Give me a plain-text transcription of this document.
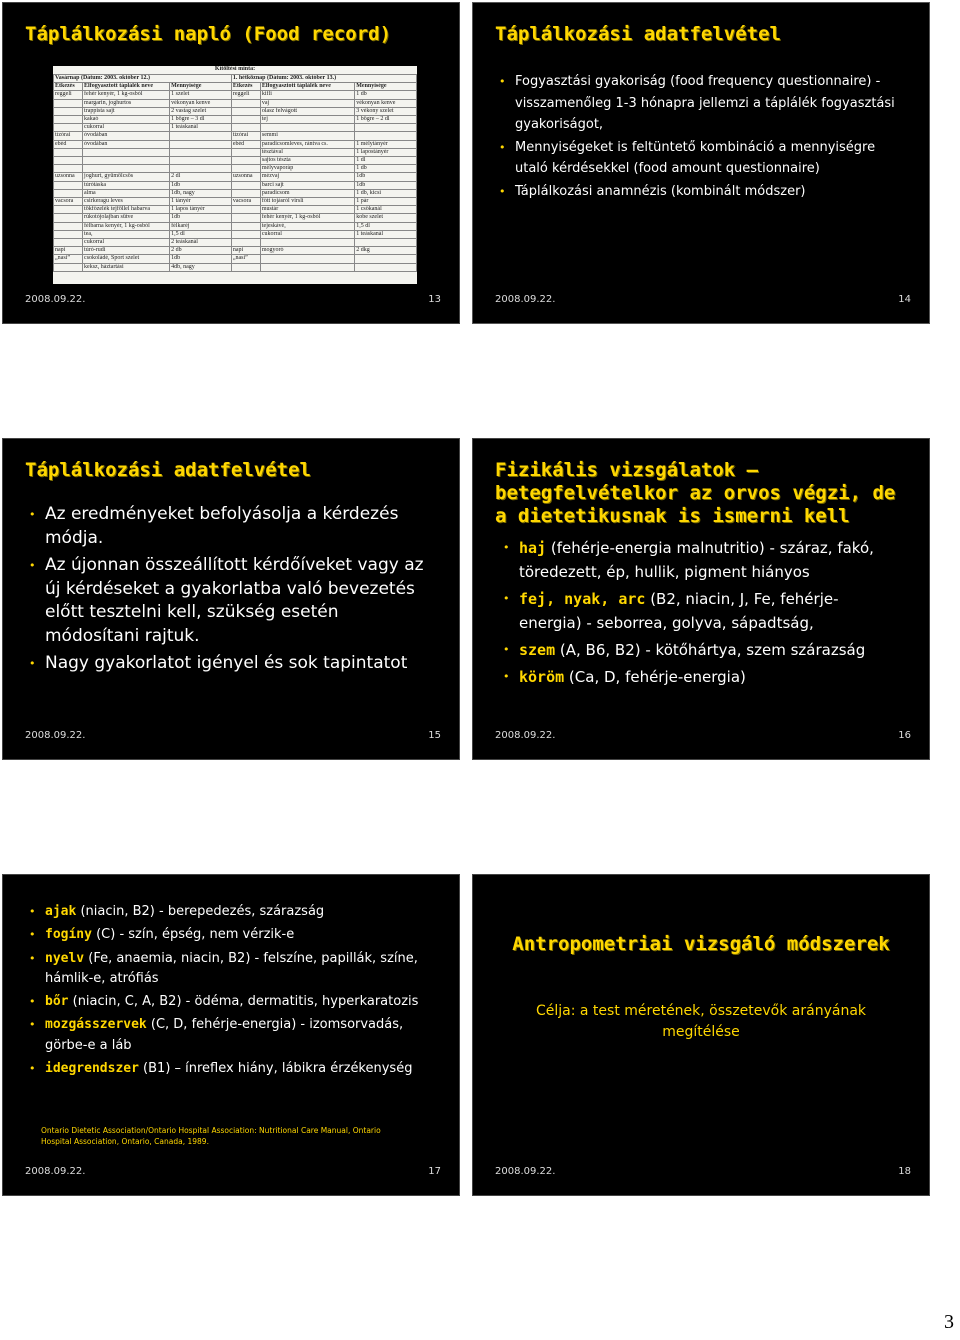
Táplálkozási napló (Food record)
Kitöltési minta:
Vasárnap (Dátum: 2003. október 12.)			1. hétköznap (Dátum: 2003. október 13.)		
Étkezés	Elfogyasztott táplálék neve	Mennyisége	Étkezés	Elfogyasztott táplálék neve	Mennyisége
reggeli	fehér kenyér, 1 kg-osból	1 szelet	reggeli	kifli	1 db
	margarin, joghurtos	vékonyan kenve		vaj	vékonyan kenve
	trappista sajt	2 vastag szelet		olasz felvágott	3 vékony szelet
	kakaó	1 bögre – 3 dl		tej	1 bögre – 2 dl
	cukorral	1 teáskanál			
tízórai	óvodában		tízórai	semmi	
ebéd	óvodában		ebéd	paradicsomleves, rántva cs.	1 mélytányér
				tésztával	1 lapostányér
				sajtos tészta	1 dl
				mélyvaporáp	1 db
uzsonna	joghurt, gyümölcsös	2 dl	uzsonna	mézvaj	1db
	túrótáska	1db		barci sajt	1db
	alma	1db, nagy		paradicsom	1 db, kicsi
vacsora	csirkeragu leves	1 tányér	vacsora	főtt tojásról virsli	1 pár
	tökfőzelék tejföllel habarva	1 lapos tányér		mustár	1 csőkanál
	rúkotójolajban sütve	1db		fehér kenyér, 1 kg-osból	kobe szelet
	félbarna kenyér, 1 kg-osból	félkaréj		tejeskávé,	1,5 dl
	tea,	1,5 dl		cukorral	1 teáskanál
	cukorral	2 teáskanál			
napi	túró-rudi	2 db	napi	mogyoró	2 dkg
„nasi”	csokoládé, Sport szelet	1db	„nasi”		
	keksz, háztartási	4db, nagy			
2008.09.22.	13
Táplálkozási adatfelvétel
• Fogyasztási gyakoriság (food frequency questionnaire) - visszamenőleg 1-3 hónapra jellemzi a táplálék fogyasztási gyakoriságot,
• Mennyiségeket is feltüntető kombináció a mennyiségre utaló kérdésekkel (food amount questionnaire)
• Táplálkozási anamnézis (kombinált módszer)
2008.09.22.	14
Táplálkozási adatfelvétel
• Az eredményeket befolyásolja a kérdezés módja.
• Az újonnan összeállított kérdőíveket vagy az új kérdéseket a gyakorlatba való bevezetés előtt tesztelni kell, szükség esetén módosítani rajtuk.
• Nagy gyakorlatot igényel és sok tapintatot
2008.09.22.	15
Fizikális vizsgálatok – betegfelvételkor az orvos végzi, de a dietetikusnak is ismerni kell
• haj (fehérje-energia malnutritio) - száraz, fakó, töredezett, ép, hullik, pigment hiányos
• fej, nyak, arc (B2, niacin, J, Fe, fehérje-energia) - seborrea, golyva, sápadtság,
• szem (A, B6, B2) - kötőhártya, szem szárazság
• köröm (Ca, D, fehérje-energia)
2008.09.22.	16
• ajak (niacin, B2) - berepedezés, szárazság
• fogíny (C) - szín, épség, nem vérzik-e
• nyelv (Fe, anaemia, niacin, B2) - felszíne, papillák, színe, hámlik-e, atrófiás
• bőr (niacin, C, A, B2) - ödéma, dermatitis, hyperkaratozis
• mozgásszervek (C, D, fehérje-energia) - izomsorvadás, görbe-e a láb
• idegrendszer (B1) – ínreflex hiány, lábikra érzékenység
Ontario Dietetic Association/Ontario Hospital Association: Nutritional Care Manual, Ontario Hospital Association, Ontario, Canada, 1989.
2008.09.22.	17
Antropometriai vizsgáló módszerek
Célja: a test méretének, összetevők arányának megítélése
2008.09.22.	18
3
